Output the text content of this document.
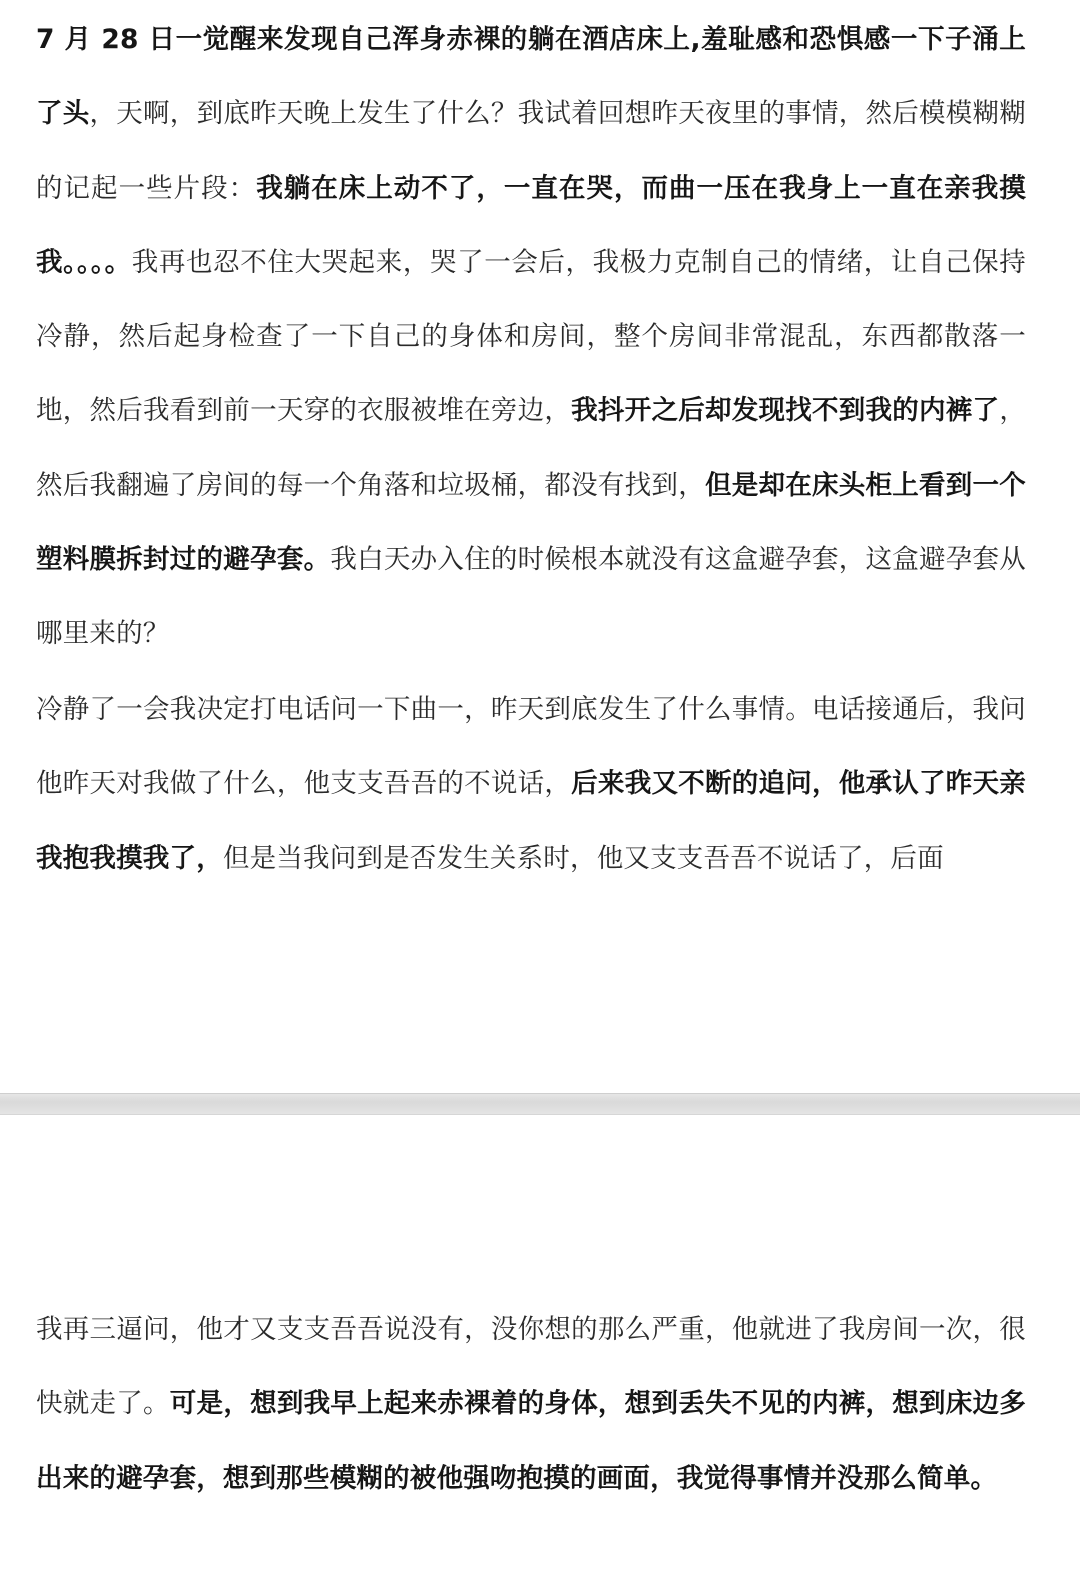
7 月 28 日一觉醒来发现自己浑身赤裸的躺在酒店床上,羞耻感和恐惧感一下子涌上了头，天啊，到底昨天晚上发生了什么？我试着回想昨天夜里的事情，然后模模糊糊的记起一些片段：我躺在床上动不了，一直在哭，而曲一压在我身上一直在亲我摸我。。。。我再也忍不住大哭起来，哭了一会后，我极力克制自己的情绪，让自己保持冷静，然后起身检查了一下自己的身体和房间，整个房间非常混乱，东西都散落一地，然后我看到前一天穿的衣服被堆在旁边，我抖开之后却发现找不到我的内裤了，然后我翻遍了房间的每一个角落和垃圾桶，都没有找到，但是却在床头柜上看到一个塑料膜拆封过的避孕套。我白天办入住的时候根本就没有这盒避孕套，这盒避孕套从哪里来的？

冷静了一会我决定打电话问一下曲一，昨天到底发生了什么事情。电话接通后，我问他昨天对我做了什么，他支支吾吾的不说话，后来我又不断的追问，他承认了昨天亲我抱我摸我了，但是当我问到是否发生关系时，他又支支吾吾不说话了，后面

我再三逼问，他才又支支吾吾说没有，没你想的那么严重，他就进了我房间一次，很快就走了。可是，想到我早上起来赤裸着的身体，想到丢失不见的内裤，想到床边多出来的避孕套，想到那些模糊的被他强吻抱摸的画面，我觉得事情并没那么简单。
